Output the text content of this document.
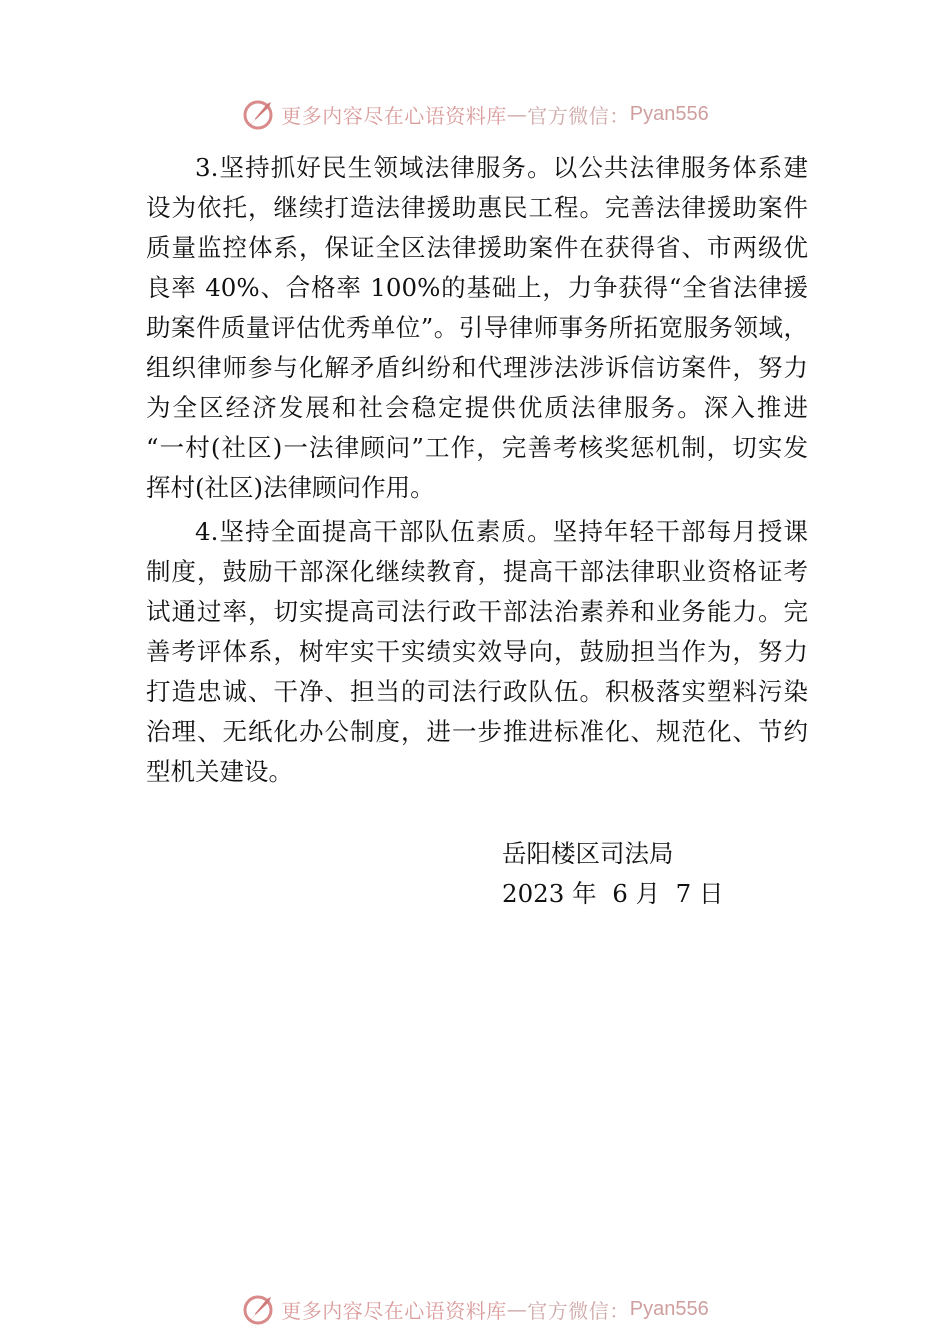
更多内容尽在心语资料库 — 官方微信： Pyan556
3.坚持抓好民生领域法律服务。以公共法律服务体系建
设为依托，继续打造法律援助惠民工程。完善法律援助案件
质量监控体系，保证全区法律援助案件在获得省、市两级优
良率 40%、合格率 100%的基础上，力争获得“全省法律援
助案件质量评估优秀单位”。引导律师事务所拓宽服务领域，
组织律师参与化解矛盾纠纷和代理涉法涉诉信访案件，努力
为全区经济发展和社会稳定提供优质法律服务。深入推进
“一村(社区)一法律顾问”工作，完善考核奖惩机制，切实发
挥村(社区)法律顾问作用。
4.坚持全面提高干部队伍素质。坚持年轻干部每月授课
制度，鼓励干部深化继续教育，提高干部法律职业资格证考
试通过率，切实提高司法行政干部法治素养和业务能力。完
善考评体系，树牢实干实绩实效导向，鼓励担当作为，努力
打造忠诚、干净、担当的司法行政队伍。积极落实塑料污染
治理、无纸化办公制度，进一步推进标准化、规范化、节约
型机关建设。
岳阳楼区司法局
2023 年  6 月  7 日
更多内容尽在心语资料库 — 官方微信： Pyan556
